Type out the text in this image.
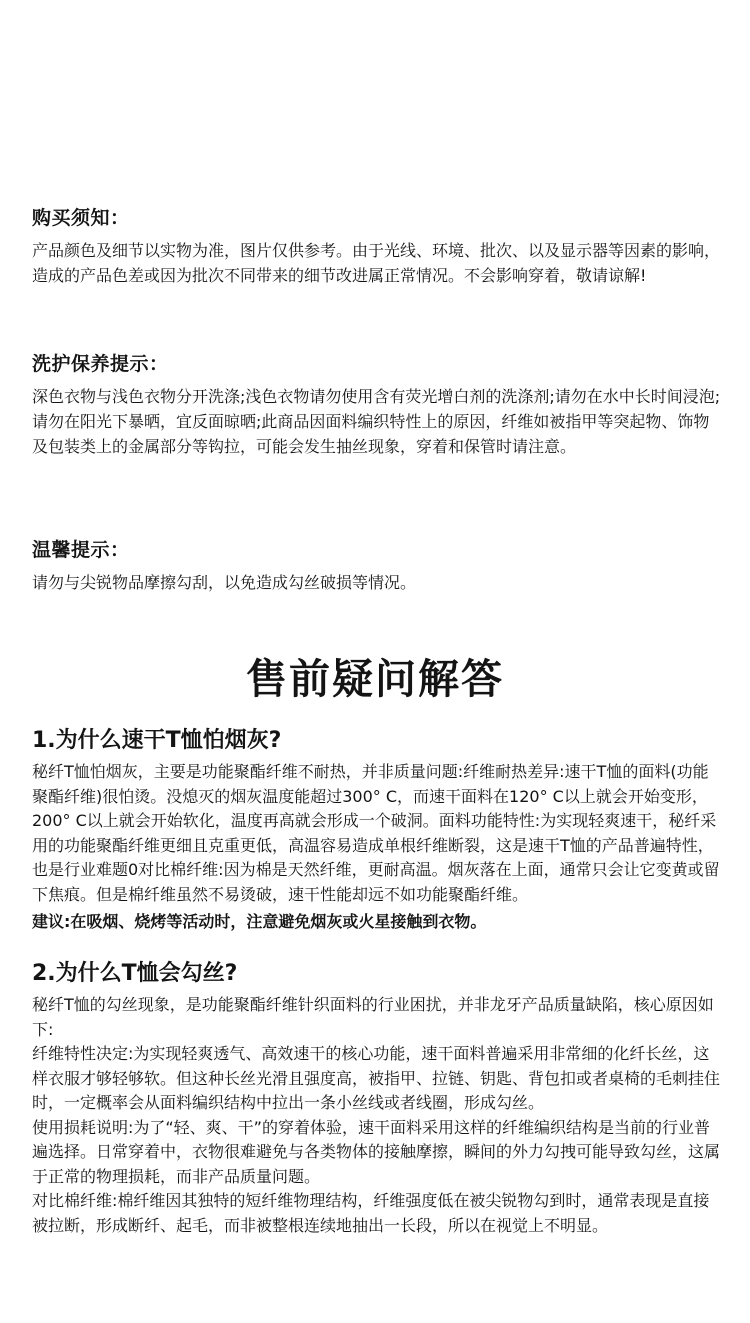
购买须知：

产品颜色及细节以实物为准，图片仅供参考。由于光线、环境、批次、以及显示器等因素的影响，造成的产品色差或因为批次不同带来的细节改进属正常情况。不会影响穿着，敬请谅解!

洗护保养提示：

深色衣物与浅色衣物分开洗涤;浅色衣物请勿使用含有荧光增白剂的洗涤剂;请勿在水中长时间浸泡;请勿在阳光下暴晒，宜反面晾晒;此商品因面料编织特性上的原因，纤维如被指甲等突起物、饰物及包装类上的金属部分等钩拉，可能会发生抽丝现象，穿着和保管时请注意。

温馨提示：

请勿与尖锐物品摩擦勾刮，以免造成勾丝破损等情况。

售前疑问解答
1.为什么速干T恤怕烟灰?

秘纤T恤怕烟灰，主要是功能聚酯纤维不耐热，并非质量问题:纤维耐热差异:速干T恤的面料(功能聚酯纤维)很怕烫。没熄灭的烟灰温度能超过300° C，而速干面料在120° C以上就会开始变形，200° C以上就会开始软化，温度再高就会形成一个破洞。面料功能特性:为实现轻爽速干，秘纤采用的功能聚酯纤维更细且克重更低，高温容易造成单根纤维断裂，这是速干T恤的产品普遍特性，也是行业难题0对比棉纤维:因为棉是天然纤维，更耐高温。烟灰落在上面，通常只会让它变黄或留下焦痕。但是棉纤维虽然不易烫破，速干性能却远不如功能聚酯纤维。

建议:在吸烟、烧烤等活动时，注意避免烟灰或火星接触到衣物。

2.为什么T恤会勾丝?

秘纤T恤的勾丝现象，是功能聚酯纤维针织面料的行业困扰，并非龙牙产品质量缺陷，核心原因如下:

纤维特性决定:为实现轻爽透气、高效速干的核心功能，速干面料普遍采用非常细的化纤长丝，这样衣服才够轻够软。但这种长丝光滑且强度高，被指甲、拉链、钥匙、背包扣或者桌椅的毛刺挂住时，一定概率会从面料编织结构中拉出一条小丝线或者线圈，形成勾丝。

使用损耗说明:为了“轻、爽、干”的穿着体验，速干面料采用这样的纤维编织结构是当前的行业普遍选择。日常穿着中，衣物很难避免与各类物体的接触摩擦，瞬间的外力勾拽可能导致勾丝，这属于正常的物理损耗，而非产品质量问题。

对比棉纤维:棉纤维因其独特的短纤维物理结构，纤维强度低在被尖锐物勾到时，通常表现是直接被拉断，形成断纤、起毛，而非被整根连续地抽出一长段，所以在视觉上不明显。
